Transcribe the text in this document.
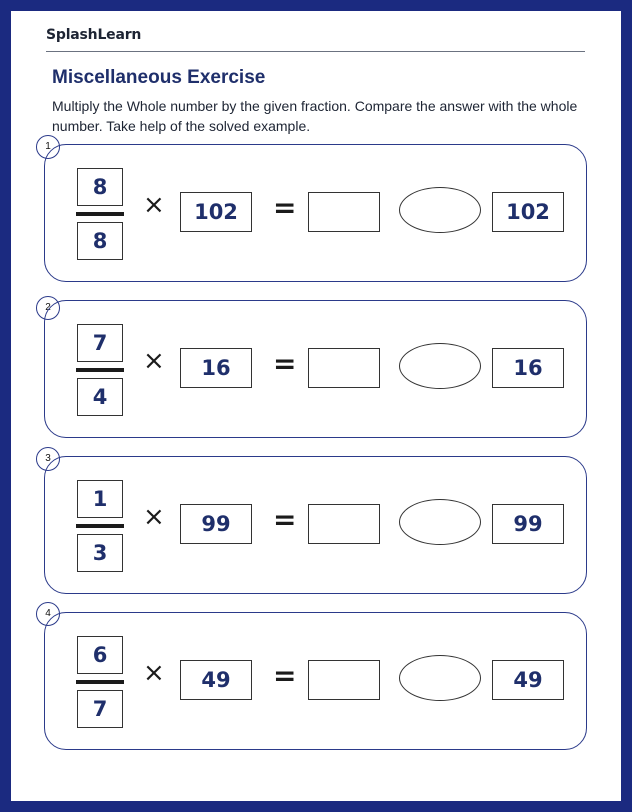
SplashLearn
Miscellaneous Exercise
Multiply the Whole number by the given fraction. Compare the answer with the whole number. Take help of the solved example.
1
8
8
×	102	=	102
2
7
4
×	16	=	16
3
1
3
×	99	=	99
4
6
7
×	49	=	49
